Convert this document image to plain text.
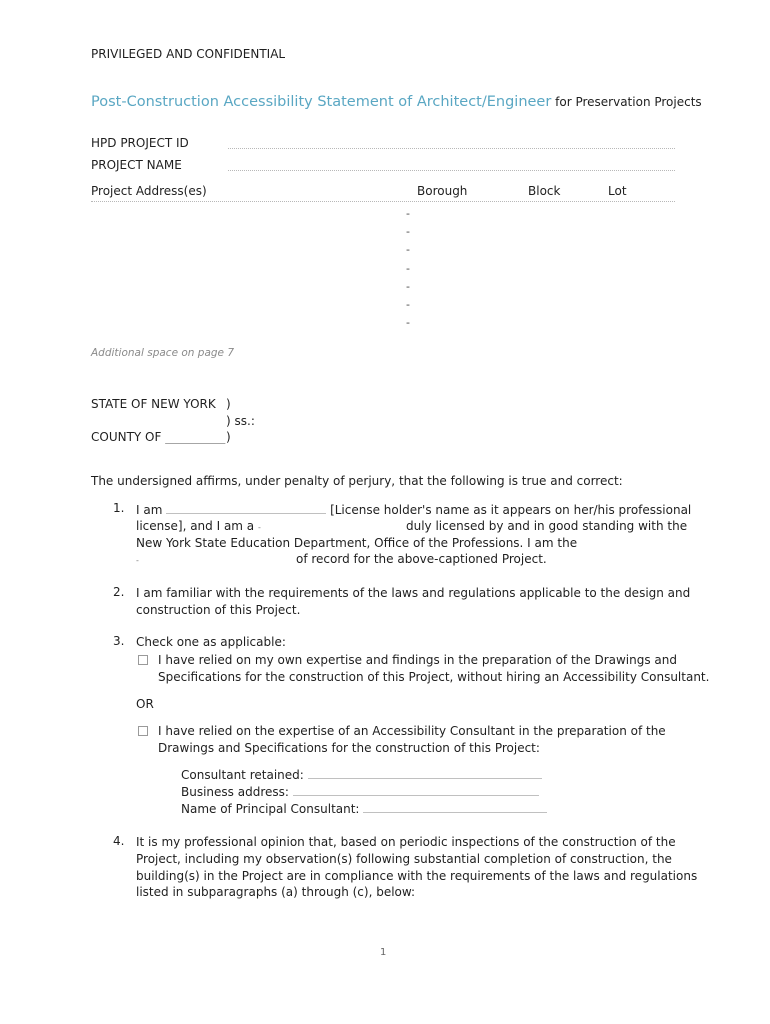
PRIVILEGED AND CONFIDENTIAL
Post-Construction Accessibility Statement of Architect/Engineer for Preservation Projects
HPD PROJECT ID
PROJECT NAME
Project Address(es)	Borough	Block	Lot
-
-
-
-
-
-
-
Additional space on page 7
STATE OF NEW YORK )
) ss.:
COUNTY OF __________ )
The undersigned affirms, under penalty of perjury, that the following is true and correct:
1. I am	[License holder's name as it appears on her/his professional
license], and I am a -	duly licensed by and in good standing with the
New York State Education Department, Office of the Professions. I am the
-	of record for the above-captioned Project.
2. I am familiar with the requirements of the laws and regulations applicable to the design and
construction of this Project.
3. Check one as applicable:
I have relied on my own expertise and findings in the preparation of the Drawings and
Specifications for the construction of this Project, without hiring an Accessibility Consultant.
OR
I have relied on the expertise of an Accessibility Consultant in the preparation of the
Drawings and Specifications for the construction of this Project:
Consultant retained:
Business address:
Name of Principal Consultant:
4. It is my professional opinion that, based on periodic inspections of the construction of the
Project, including my observation(s) following substantial completion of construction, the
building(s) in the Project are in compliance with the requirements of the laws and regulations
listed in subparagraphs (a) through (c), below:
1
